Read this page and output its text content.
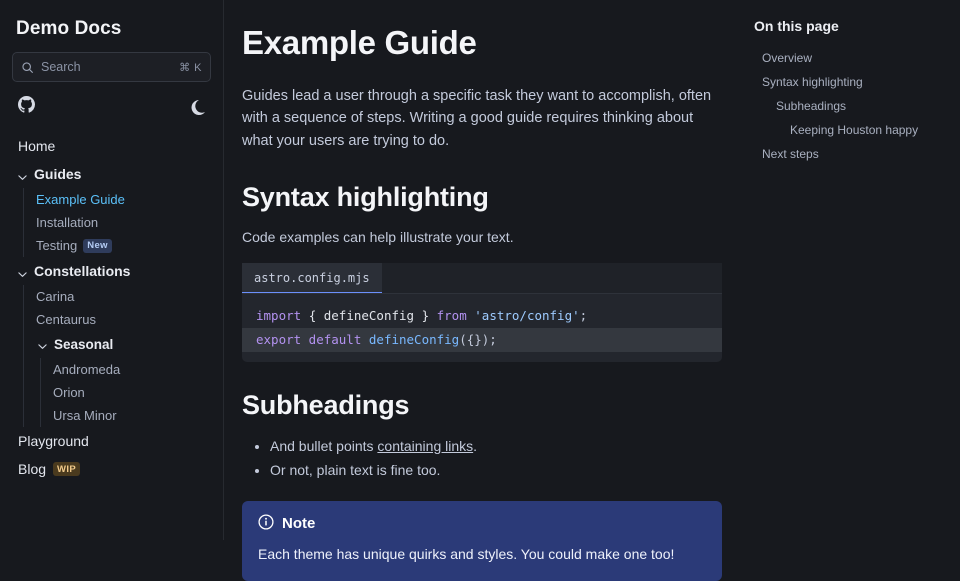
Demo Docs
Search	⌘ K
Home
Guides
Example Guide
Installation
Testing	New
Constellations
Carina
Centaurus
Seasonal
Andromeda
Orion
Ursa Minor
Playground
Blog	WIP
Example Guide

Guides lead a user through a specific task they want to accomplish, often with a sequence of steps. Writing a good guide requires thinking about what your users are trying to do.

Syntax highlighting

Code examples can help illustrate your text.

astro.config.mjs
import { defineConfig } from 'astro/config';
export default defineConfig({});
Subheadings
• And bullet points containing links.
• Or not, plain text is fine too.
Note
Each theme has unique quirks and styles. You could make one too!
On this page
Overview
Syntax highlighting
Subheadings
Keeping Houston happy
Next steps
